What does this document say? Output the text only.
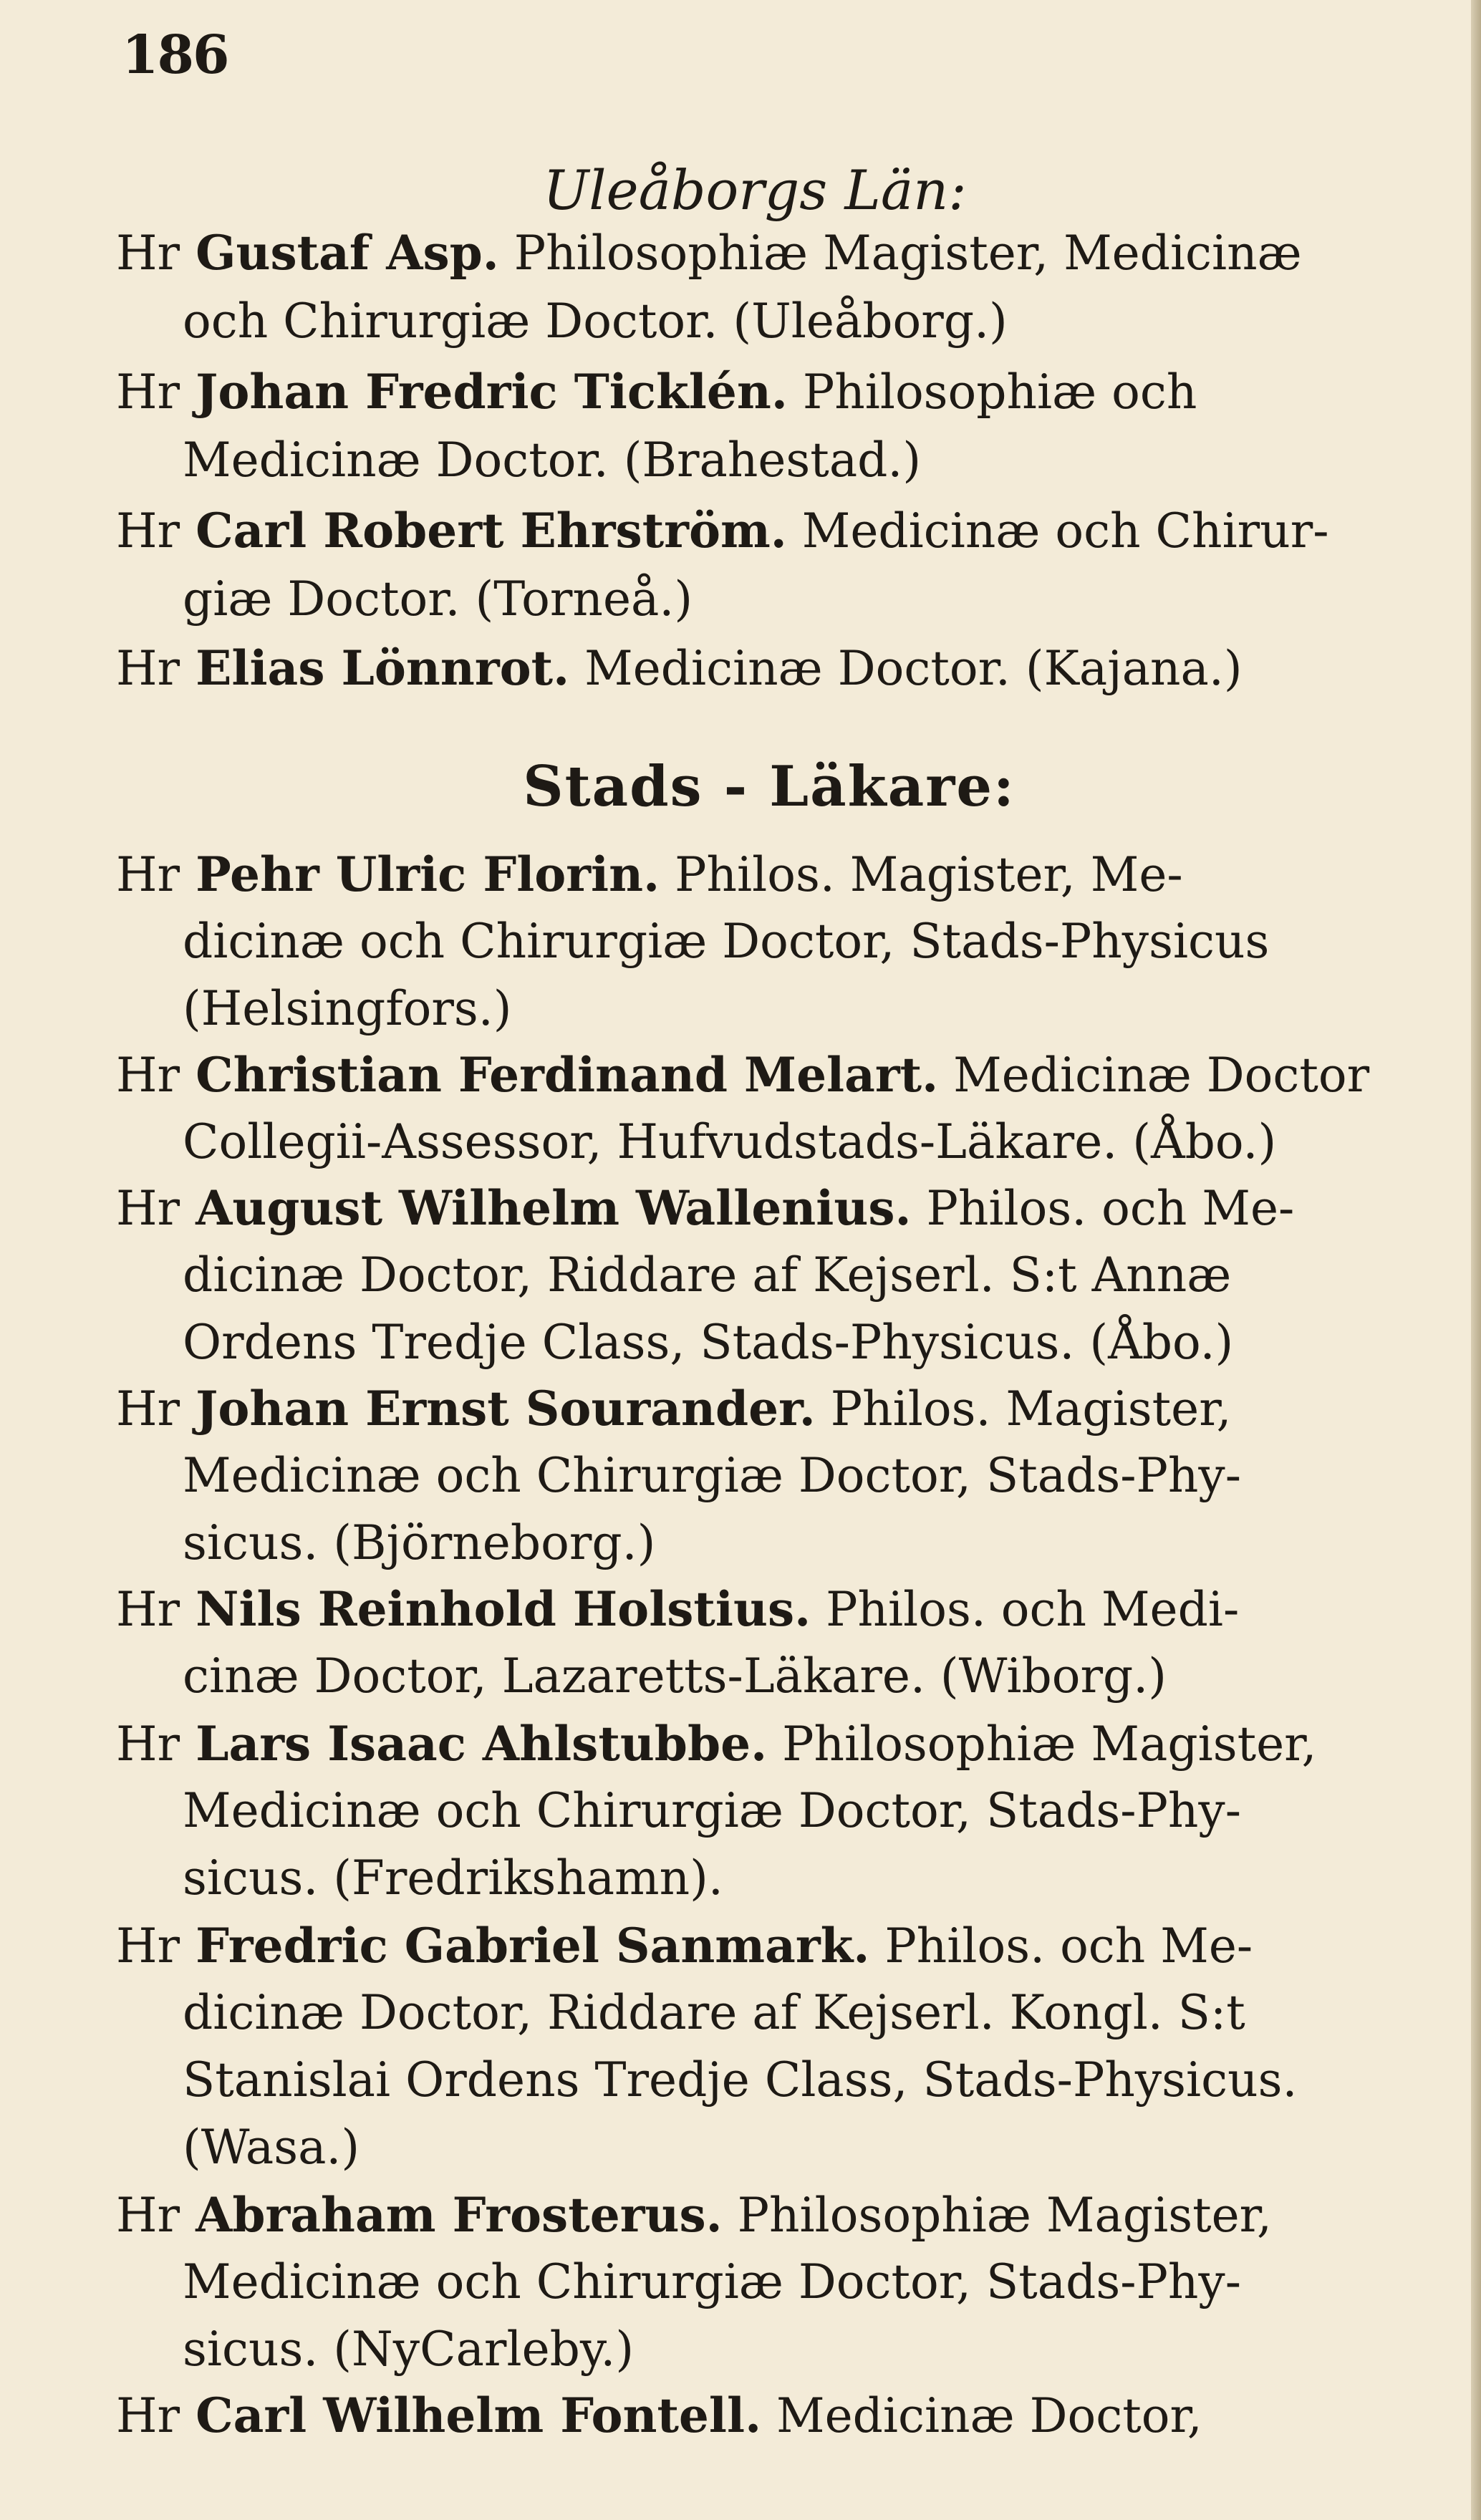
186
Uleåborgs Län:
Hr Gustaf Asp. Philosophiæ Magister, Medicinæ
och Chirurgiæ Doctor. (Uleåborg.)
Hr Johan Fredric Ticklén. Philosophiæ och
Medicinæ Doctor. (Brahestad.)
Hr Carl Robert Ehrström. Medicinæ och Chirur-
giæ Doctor. (Torneå.)
Hr Elias Lönnrot. Medicinæ Doctor. (Kajana.)
Stads - Läkare:
Hr Pehr Ulric Florin. Philos. Magister, Me-
dicinæ och Chirurgiæ Doctor, Stads-Physicus
(Helsingfors.)
Hr Christian Ferdinand Melart. Medicinæ Doctor
Collegii-Assessor, Hufvudstads-Läkare. (Åbo.)
Hr August Wilhelm Wallenius. Philos. och Me-
dicinæ Doctor, Riddare af Kejserl. S:t Annæ
Ordens Tredje Class, Stads-Physicus. (Åbo.)
Hr Johan Ernst Sourander. Philos. Magister,
Medicinæ och Chirurgiæ Doctor, Stads-Phy-
sicus. (Björneborg.)
Hr Nils Reinhold Holstius. Philos. och Medi-
cinæ Doctor, Lazaretts-Läkare. (Wiborg.)
Hr Lars Isaac Ahlstubbe. Philosophiæ Magister,
Medicinæ och Chirurgiæ Doctor, Stads-Phy-
sicus. (Fredrikshamn).
Hr Fredric Gabriel Sanmark. Philos. och Me-
dicinæ Doctor, Riddare af Kejserl. Kongl. S:t
Stanislai Ordens Tredje Class, Stads-Physicus.
(Wasa.)
Hr Abraham Frosterus. Philosophiæ Magister,
Medicinæ och Chirurgiæ Doctor, Stads-Phy-
sicus. (NyCarleby.)
Hr Carl Wilhelm Fontell. Medicinæ Doctor,
